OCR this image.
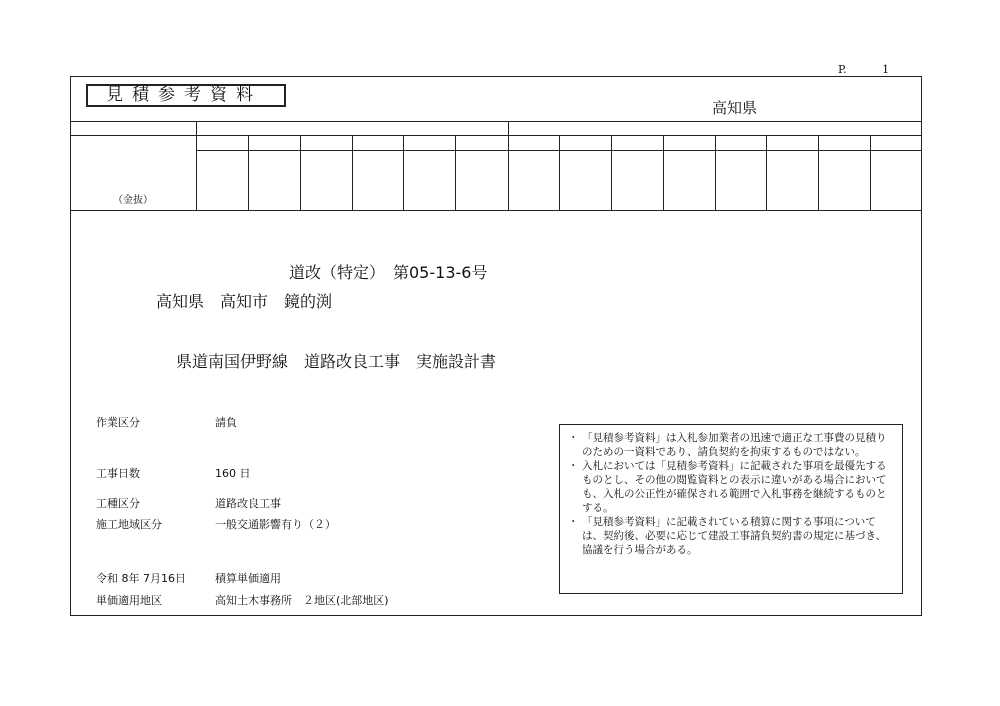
P.	1
見積参考資料
高知県
（金抜）
道改（特定）　第05-13-6号
高知県　高知市　鏡的渕
県道南国伊野線　道路改良工事　実施設計書
作業区分	請負
工事日数	160 日
工種区分	道路改良工事
施工地域区分	一般交通影響有り（２）
令和 8年 7月16日	積算単価適用
単価適用地区	高知土木事務所　２地区(北部地区)
・ 「見積参考資料」は入札参加業者の迅速で適正な工事費の見積りのための一資料であり、請負契約を拘束するものではない。
・ 入札においては「見積参考資料」に記載された事項を最優先するものとし、その他の閲覧資料との表示に違いがある場合においても、入札の公正性が確保される範囲で入札事務を継続するものとする。
・ 「見積参考資料」に記載されている積算に関する事項については、契約後、必要に応じて建設工事請負契約書の規定に基づき、協議を行う場合がある。
